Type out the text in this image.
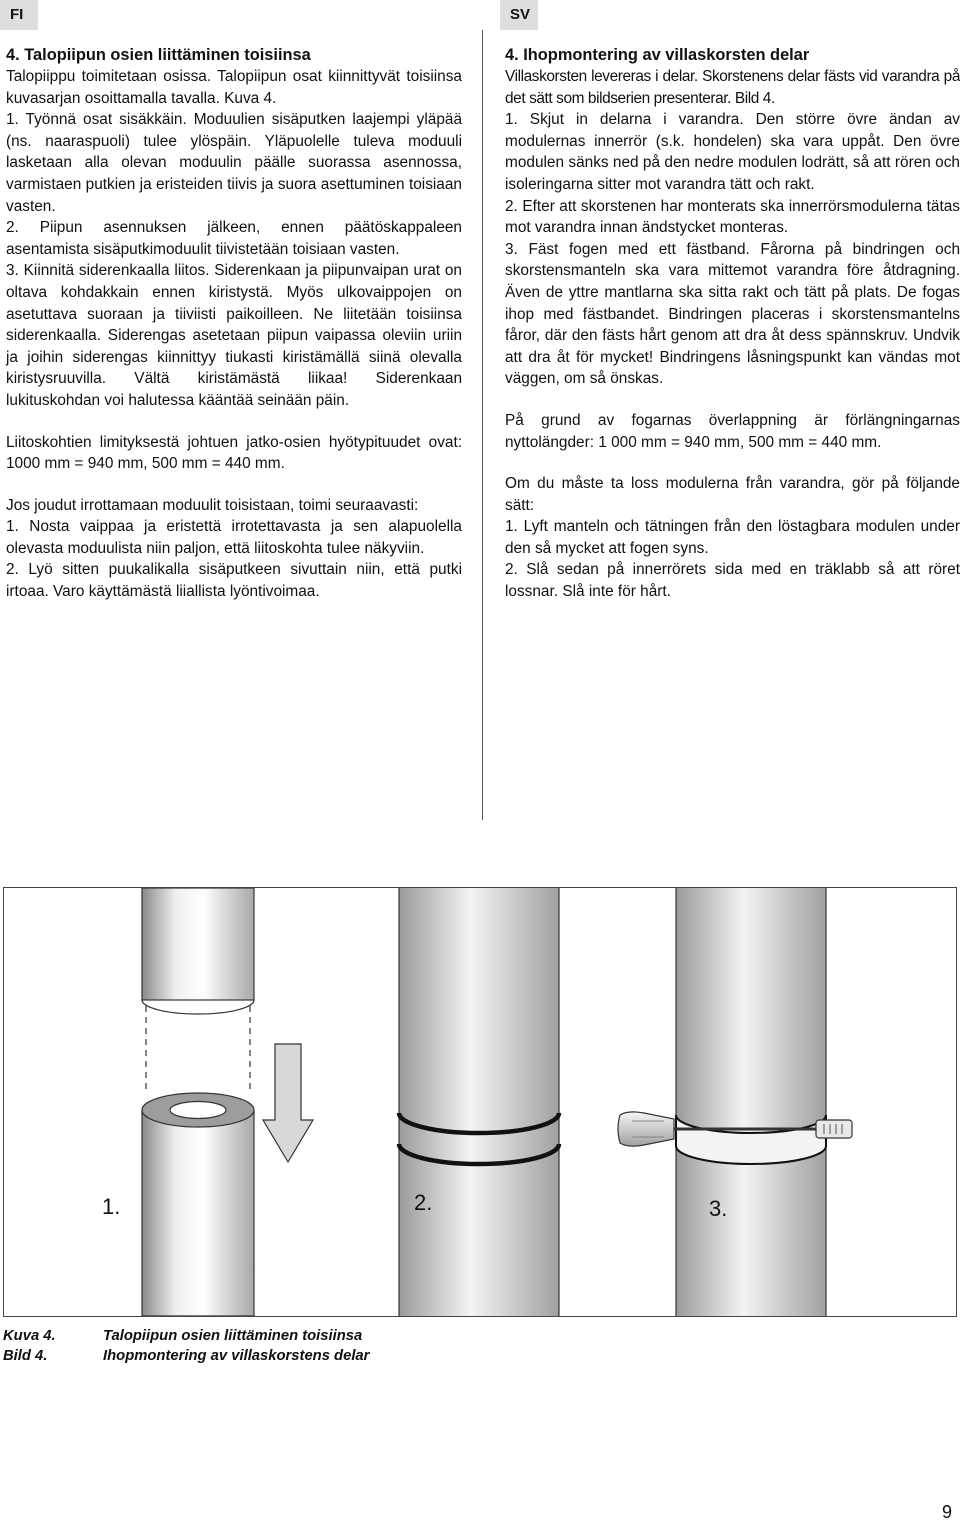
FI	SV
4. Talopiipun osien liittäminen toisiinsa

Talopiippu toimitetaan osissa. Talopiipun osat kiinnittyvät toisiinsa kuvasarjan osoittamalla tavalla. Kuva 4.

1. Työnnä osat sisäkkäin. Moduulien sisäputken laajempi yläpää (ns. naaraspuoli) tulee ylöspäin. Yläpuolelle tuleva moduuli lasketaan alla olevan moduulin päälle suorassa asennossa, varmistaen putkien ja eristeiden tiivis ja suora asettuminen toisiaan vasten.

2. Piipun asennuksen jälkeen, ennen päätöskappaleen asentamista sisäputkimoduulit tiivistetään toisiaan vasten.

3. Kiinnitä siderenkaalla liitos. Siderenkaan ja piipunvaipan urat on oltava kohdakkain ennen kiristystä. Myös ulkovaippojen on asetuttava suoraan ja tiiviisti paikoilleen. Ne liitetään toisiinsa siderenkaalla. Siderengas asetetaan piipun vaipassa oleviin uriin ja joihin siderengas kiinnittyy tiukasti kiristämällä siinä olevalla kiristysruuvilla. Vältä kiristämästä liikaa! Siderenkaan lukituskohdan voi halutessa kääntää seinään päin.

Liitoskohtien limityksestä johtuen jatko-osien hyötypituudet ovat: 1000 mm = 940 mm, 500 mm = 440 mm.

Jos joudut irrottamaan moduulit toisistaan, toimi seuraavasti:

1. Nosta vaippaa ja eristettä irrotettavasta ja sen alapuolella olevasta moduulista niin paljon, että liitoskohta tulee näkyviin.

2. Lyö sitten puukalikalla sisäputkeen sivuttain niin, että putki irtoaa. Varo käyttämästä liiallista lyöntivoimaa.

4. Ihopmontering av villaskorsten delar

Villaskorsten levereras i delar. Skorstenens delar fästs vid varandra på det sätt som bildserien presenterar. Bild 4.

1. Skjut in delarna i varandra. Den större övre ändan av modulernas innerrör (s.k. hondelen) ska vara uppåt. Den övre modulen sänks ned på den nedre modulen lodrätt, så att rören och isoleringarna sitter mot varandra tätt och rakt.

2. Efter att skorstenen har monterats ska innerrörsmodulerna tätas mot varandra innan ändstycket monteras.

3. Fäst fogen med ett fästband. Fårorna på bindringen och skorstensmanteln ska vara mittemot varandra före åtdragning. Även de yttre mantlarna ska sitta rakt och tätt på plats. De fogas ihop med fästbandet. Bindringen placeras i skorstensmantelns fåror, där den fästs hårt genom att dra åt dess spännskruv. Undvik att dra åt för mycket! Bindringens låsningspunkt kan vändas mot väggen, om så önskas.

På grund av fogarnas överlappning är förlängningarnas nyttolängder: 1 000 mm = 940 mm, 500 mm = 440 mm.

Om du måste ta loss modulerna från varandra, gör på följande sätt:

1. Lyft manteln och tätningen från den löstagbara modulen under den så mycket att fogen syns.

2. Slå sedan på innerrörets sida med en träklabb så att röret lossnar. Slå inte för hårt.

1.	2.	3.
Kuva 4.	Talopiipun osien liittäminen toisiinsa
Bild 4.	Ihopmontering av villaskorstens delar
9
